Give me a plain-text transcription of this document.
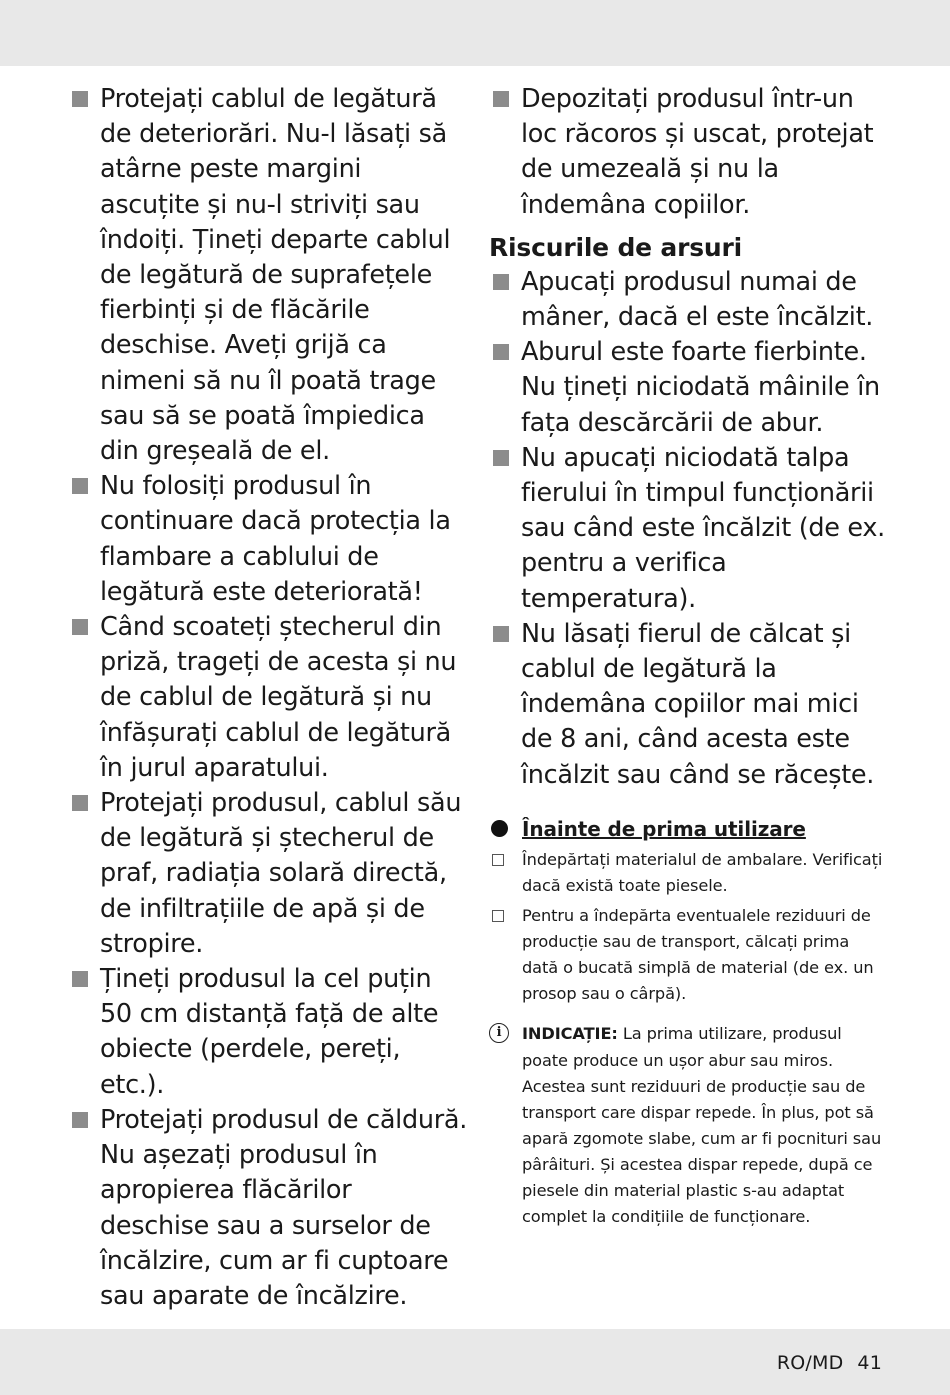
Protejați cablul de legătură de deteriorări. Nu-l lăsați să atârne peste margini ascuțite și nu-l striviți sau îndoiți. Țineți departe cablul de legătură de suprafețele fierbinți și de flăcările deschise. Aveți grijă ca nimeni să nu îl poată trage sau să se poată împiedica din greșeală de el.
Nu folosiți produsul în continuare dacă protecția la flambare a cablului de legătură este deteriorată!
Când scoateți ștecherul din priză, trageți de acesta și nu de cablul de legătură și nu înfășurați cablul de legătură în jurul aparatului.
Protejați produsul, cablul său de legătură și ștecherul de praf, radiația solară directă, de infiltrațiile de apă și de stropire.
Țineți produsul la cel puțin 50 cm distanță față de alte obiecte (perdele, pereți, etc.).
Protejați produsul de căldură. Nu așezați produsul în apropierea flăcărilor deschise sau a surselor de încălzire, cum ar fi cuptoare sau aparate de încălzire.
Depozitați produsul într-un loc răcoros și uscat, protejat de umezeală și nu la îndemâna copiilor.
Riscurile de arsuri
Apucați produsul numai de mâner, dacă el este încălzit.
Aburul este foarte fierbinte. Nu țineți niciodată mâinile în fața descărcării de abur.
Nu apucați niciodată talpa fierului în timpul funcționării sau când este încălzit (de ex. pentru a verifica temperatura).
Nu lăsați fierul de călcat și cablul de legătură la îndemâna copiilor mai mici de 8 ani, când acesta este încălzit sau când se răcește.
Înainte de prima utilizare
Îndepărtați materialul de ambalare. Verificați dacă există toate piesele.
Pentru a îndepărta eventualele reziduuri de producție sau de transport, călcați prima dată o bucată simplă de material (de ex. un prosop sau o cârpă).
i	INDICAȚIE: La prima utilizare, produsul poate produce un ușor abur sau miros. Acestea sunt reziduuri de producție sau de transport care dispar repede. În plus, pot să apară zgomote slabe, cum ar fi pocnituri sau pârâituri. Și acestea dispar repede, după ce piesele din material plastic s-au adaptat complet la condițiile de funcționare.
RO/MD 41
